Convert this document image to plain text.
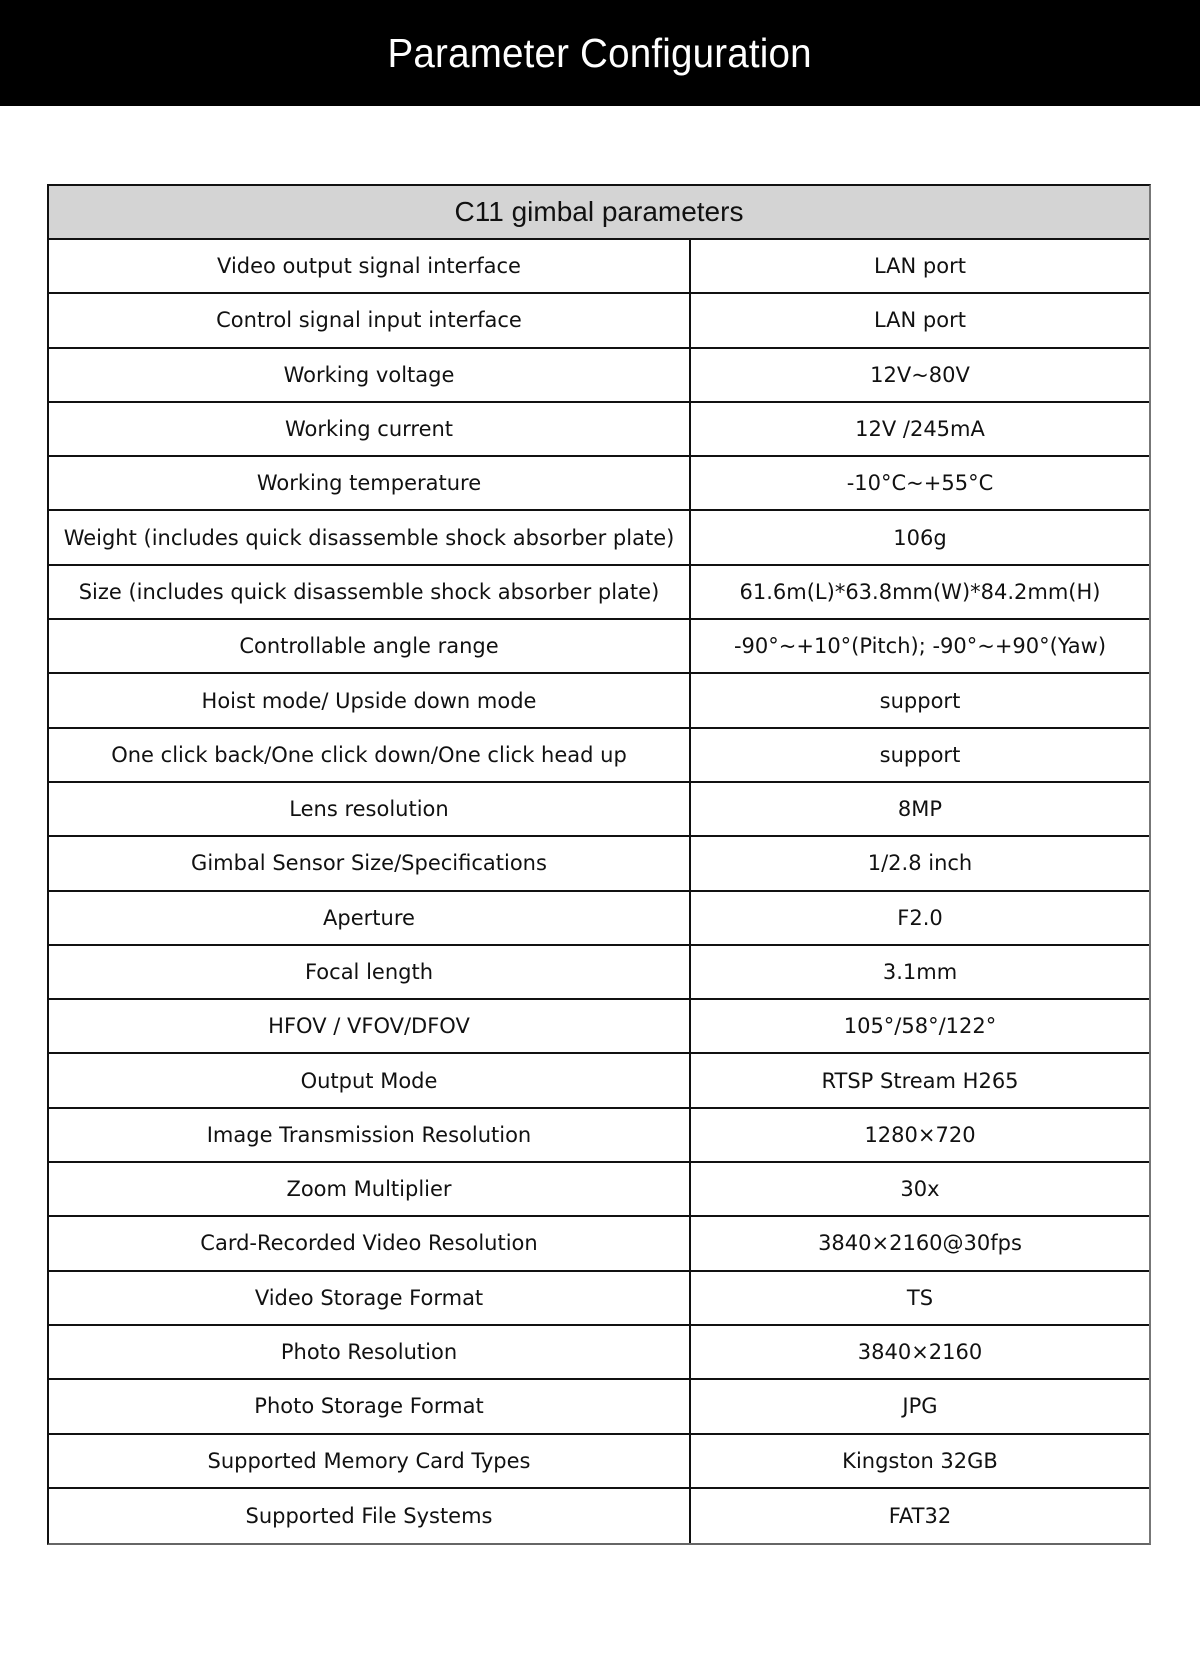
Parameter Configuration
C11 gimbal parameters
Video output signal interface	LAN port
Control signal input interface	LAN port
Working voltage	12V~80V
Working current	12V /245mA
Working temperature	-10°C~+55°C
Weight (includes quick disassemble shock absorber plate)	106g
Size (includes quick disassemble shock absorber plate)	61.6m(L)*63.8mm(W)*84.2mm(H)
Controllable angle range	-90°~+10°(Pitch); -90°~+90°(Yaw)
Hoist mode/ Upside down mode	support
One click back/One click down/One click head up	support
Lens resolution	8MP
Gimbal Sensor Size/Specifications	1/2.8 inch
Aperture	F2.0
Focal length	3.1mm
HFOV / VFOV/DFOV	105°/58°/122°
Output Mode	RTSP Stream H265
Image Transmission Resolution	1280×720
Zoom Multiplier	30x
Card-Recorded Video Resolution	3840×2160@30fps
Video Storage Format	TS
Photo Resolution	3840×2160
Photo Storage Format	JPG
Supported Memory Card Types	Kingston 32GB
Supported File Systems	FAT32
